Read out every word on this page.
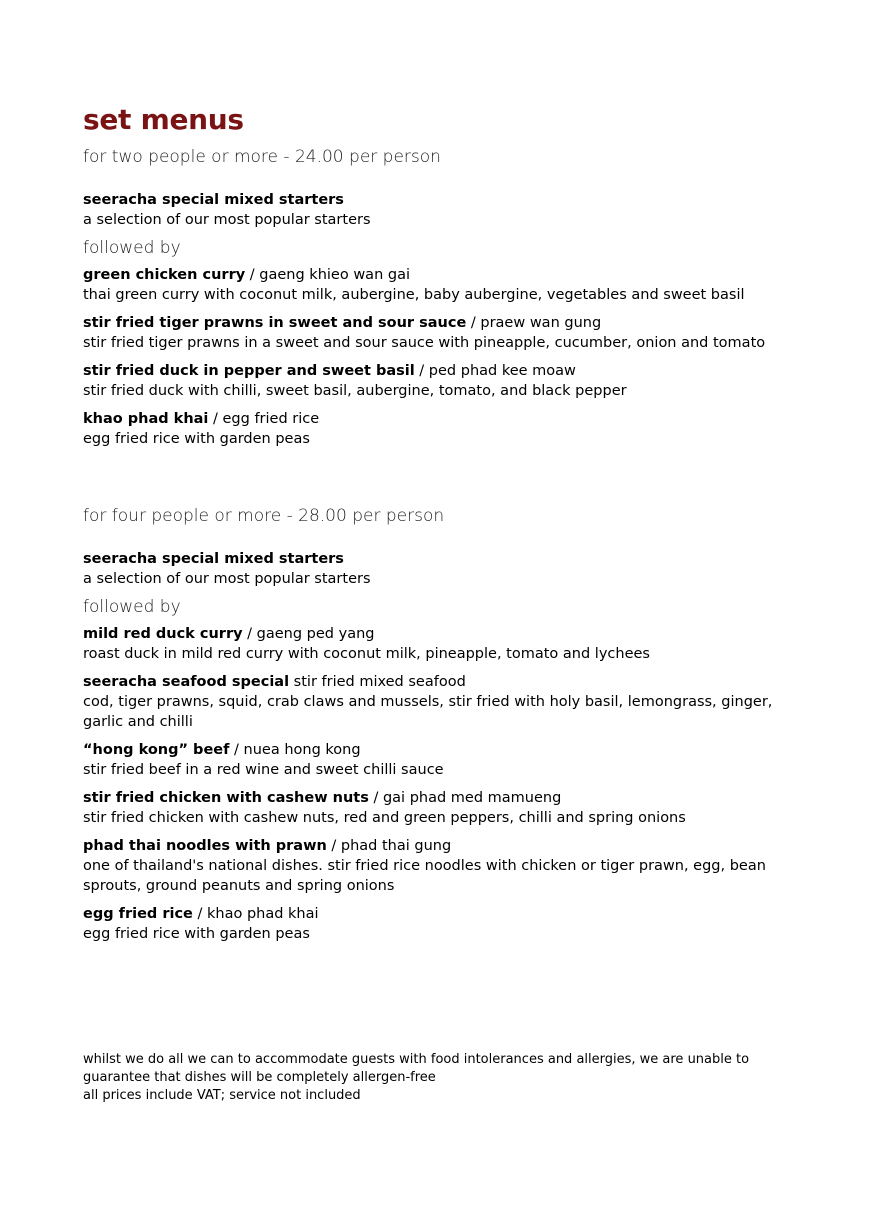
set menus
for two people or more - 24.00 per person
seeracha special mixed starters
a selection of our most popular starters
followed by
green chicken curry / gaeng khieo wan gai
thai green curry with coconut milk, aubergine, baby aubergine, vegetables and sweet basil
stir fried tiger prawns in sweet and sour sauce / praew wan gung
stir fried tiger prawns in a sweet and sour sauce with pineapple, cucumber, onion and tomato
stir fried duck in pepper and sweet basil / ped phad kee moaw
stir fried duck with chilli, sweet basil, aubergine, tomato, and black pepper
khao phad khai / egg fried rice
egg fried rice with garden peas
for four people or more - 28.00 per person
seeracha special mixed starters
a selection of our most popular starters
followed by
mild red duck curry / gaeng ped yang
roast duck in mild red curry with coconut milk, pineapple, tomato and lychees
seeracha seafood special stir fried mixed seafood
cod, tiger prawns, squid, crab claws and mussels, stir fried with holy basil, lemongrass, ginger, garlic and chilli
“hong kong” beef / nuea hong kong
stir fried beef in a red wine and sweet chilli sauce
stir fried chicken with cashew nuts / gai phad med mamueng
stir fried chicken with cashew nuts, red and green peppers, chilli and spring onions
phad thai noodles with prawn / phad thai gung
one of thailand's national dishes. stir fried rice noodles with chicken or tiger prawn, egg, bean sprouts, ground peanuts and spring onions
egg fried rice / khao phad khai
egg fried rice with garden peas
whilst we do all we can to accommodate guests with food intolerances and allergies, we are unable to guarantee that dishes will be completely allergen-free
all prices include VAT; service not included
